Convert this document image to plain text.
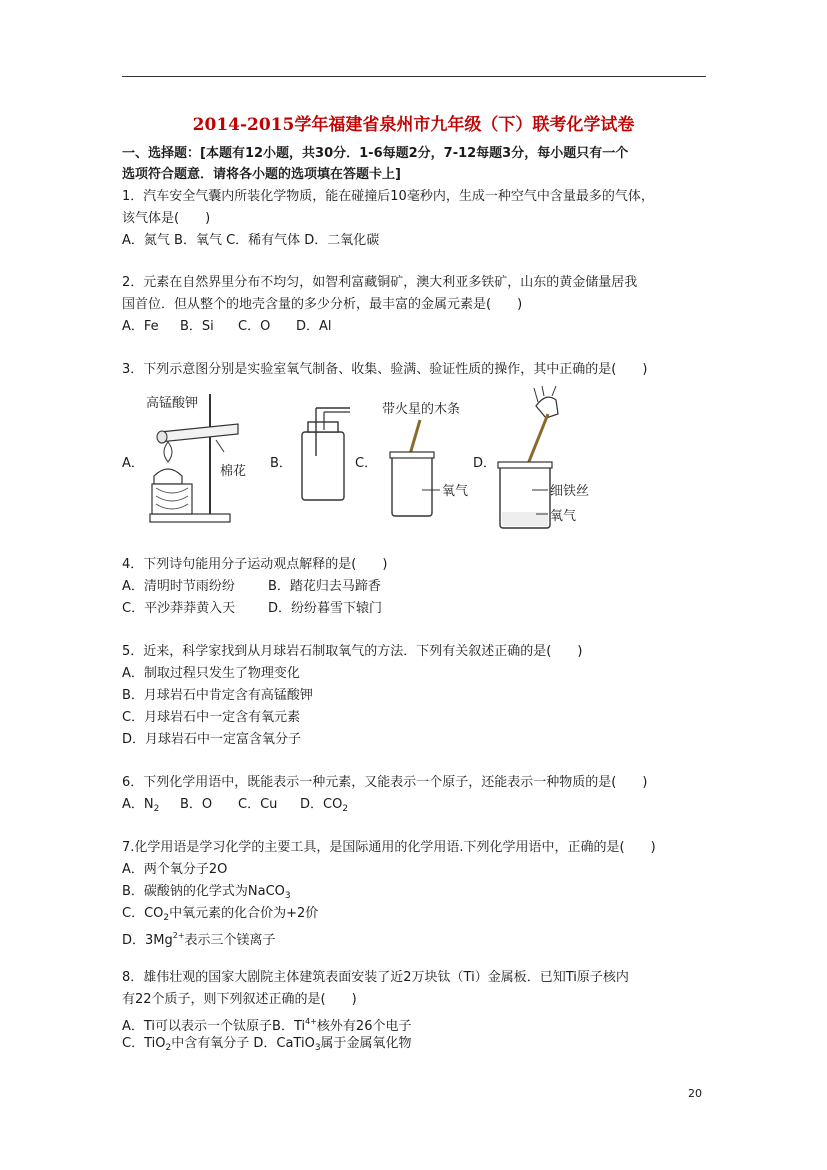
2014-2015学年福建省泉州市九年级（下）联考化学试卷
一、选择题：[本题有12小题，共30分．1-6每题2分，7-12每题3分，每小题只有一个
选项符合题意．请将各小题的选项填在答题卡上]
1．汽车安全气囊内所装化学物质，能在碰撞后10毫秒内，生成一种空气中含量最多的气体，
该气体是(　　)
A．氮气 B．氧气 C．稀有气体 D．二氧化碳
2．元素在自然界里分布不均匀，如智利富藏铜矿，澳大利亚多铁矿，山东的黄金储量居我
国首位．但从整个的地壳含量的多少分析，最丰富的金属元素是(　　)
A．Fe B．Si C．O D．Al
3．下列示意图分别是实验室氧气制备、收集、验满、验证性质的操作，其中正确的是(　　)
A．	B．	C．	D．
高锰酸钾
棉花
带火星的木条
氧气	细铁丝
氧气
4．下列诗句能用分子运动观点解释的是(　　)
A．清明时节雨纷纷	B．踏花归去马蹄香
C．平沙莽莽黄入天	D．纷纷暮雪下辕门
5．近来，科学家找到从月球岩石制取氧气的方法．下列有关叙述正确的是(　　)
A．制取过程只发生了物理变化
B．月球岩石中肯定含有高锰酸钾
C．月球岩石中一定含有氧元素
D．月球岩石中一定富含氧分子
6．下列化学用语中，既能表示一种元素，又能表示一个原子，还能表示一种物质的是(　　)
A．$N_2$ B．O C．Cu D．$CO_2$
7.化学用语是学习化学的主要工具，是国际通用的化学用语.下列化学用语中，正确的是(　　)
A．两个氧分子2O
B．碳酸钠的化学式为NaCO$_3$
C．$CO_2$中氧元素的化合价为+2价
D．$3Mg^{2+}$表示三个镁离子
8．雄伟壮观的国家大剧院主体建筑表面安装了近2万块钛（Ti）金属板．已知Ti原子核内
有22个质子，则下列叙述正确的是(　　)
A．Ti可以表示一个钛原子B．$Ti^{4+}$核外有26个电子
C．TiO$_2$中含有氧分子 D．CaTiO$_3$属于金属氧化物
20
